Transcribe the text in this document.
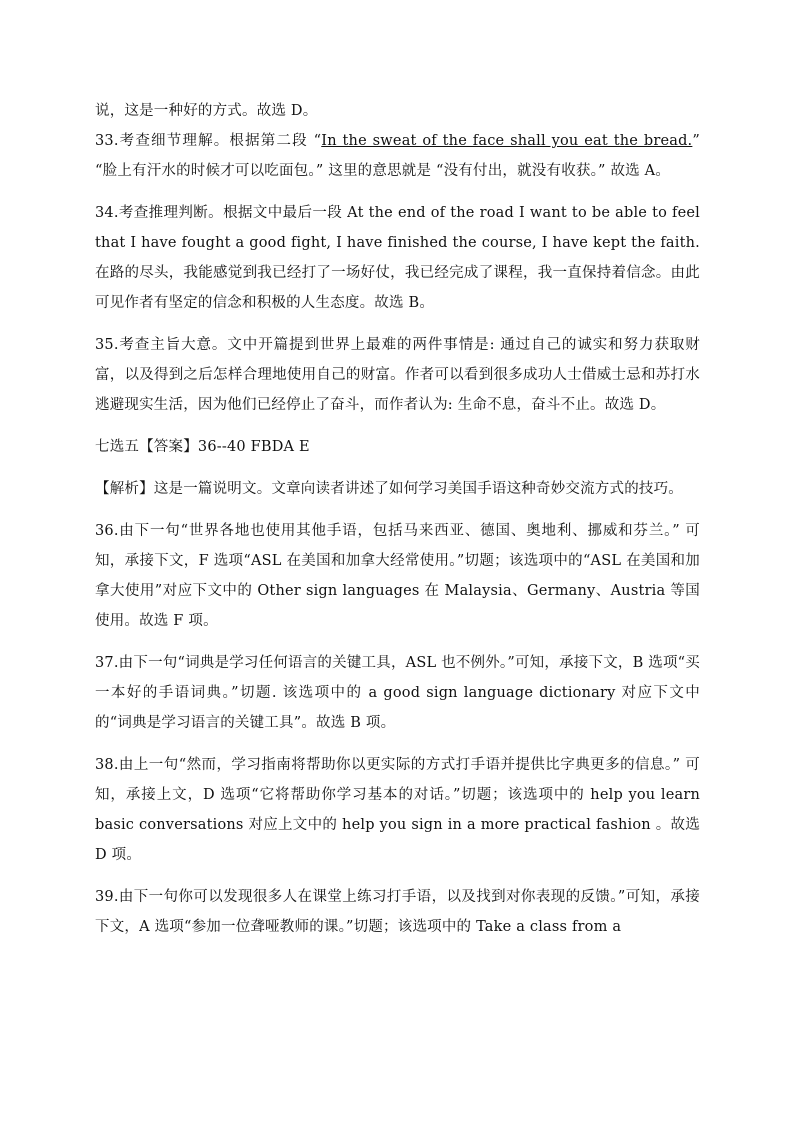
说，这是一种好的方式。故选 D。

33.考查细节理解。根据第二段 “In the sweat of the face shall you eat the bread.” “脸上有汗水的时候才可以吃面包。” 这里的意思就是 “没有付出，就没有收获。” 故选 A。

34.考查推理判断。根据文中最后一段 At the end of the road I want to be able to feel that I have fought a good fight, I have finished the course, I have kept the faith. 在路的尽头，我能感觉到我已经打了一场好仗，我已经完成了课程，我一直保持着信念。由此可见作者有坚定的信念和积极的人生态度。故选 B。

35.考查主旨大意。文中开篇提到世界上最难的两件事情是: 通过自己的诚实和努力获取财富，以及得到之后怎样合理地使用自己的财富。作者可以看到很多成功人士借威士忌和苏打水逃避现实生活，因为他们已经停止了奋斗，而作者认为: 生命不息，奋斗不止。故选 D。

七选五【答案】36--40 FBDA E

【解析】这是一篇说明文。文章向读者讲述了如何学习美国手语这种奇妙交流方式的技巧。

36.由下一句“世界各地也使用其他手语，包括马来西亚、德国、奥地利、挪威和芬兰。” 可知，承接下文，F 选项“ASL 在美国和加拿大经常使用。”切题；该选项中的“ASL 在美国和加拿大使用”对应下文中的 Other sign languages 在 Malaysia、Germany、Austria 等国使用。故选 F 项。

37.由下一句“词典是学习任何语言的关键工具，ASL 也不例外。”可知，承接下文，B 选项“买一本好的手语词典。”切题. 该选项中的 a good sign language dictionary 对应下文中的“词典是学习语言的关键工具”。故选 B 项。

38.由上一句“然而，学习指南将帮助你以更实际的方式打手语并提供比字典更多的信息。” 可知，承接上文，D 选项“它将帮助你学习基本的对话。”切题；该选项中的 help you learn basic conversations 对应上文中的 help you sign in a more practical fashion 。故选 D 项。

39.由下一句你可以发现很多人在课堂上练习打手语，以及找到对你表现的反馈。”可知，承接下文，A 选项“参加一位聋哑教师的课。”切题；该选项中的 Take a class from a
